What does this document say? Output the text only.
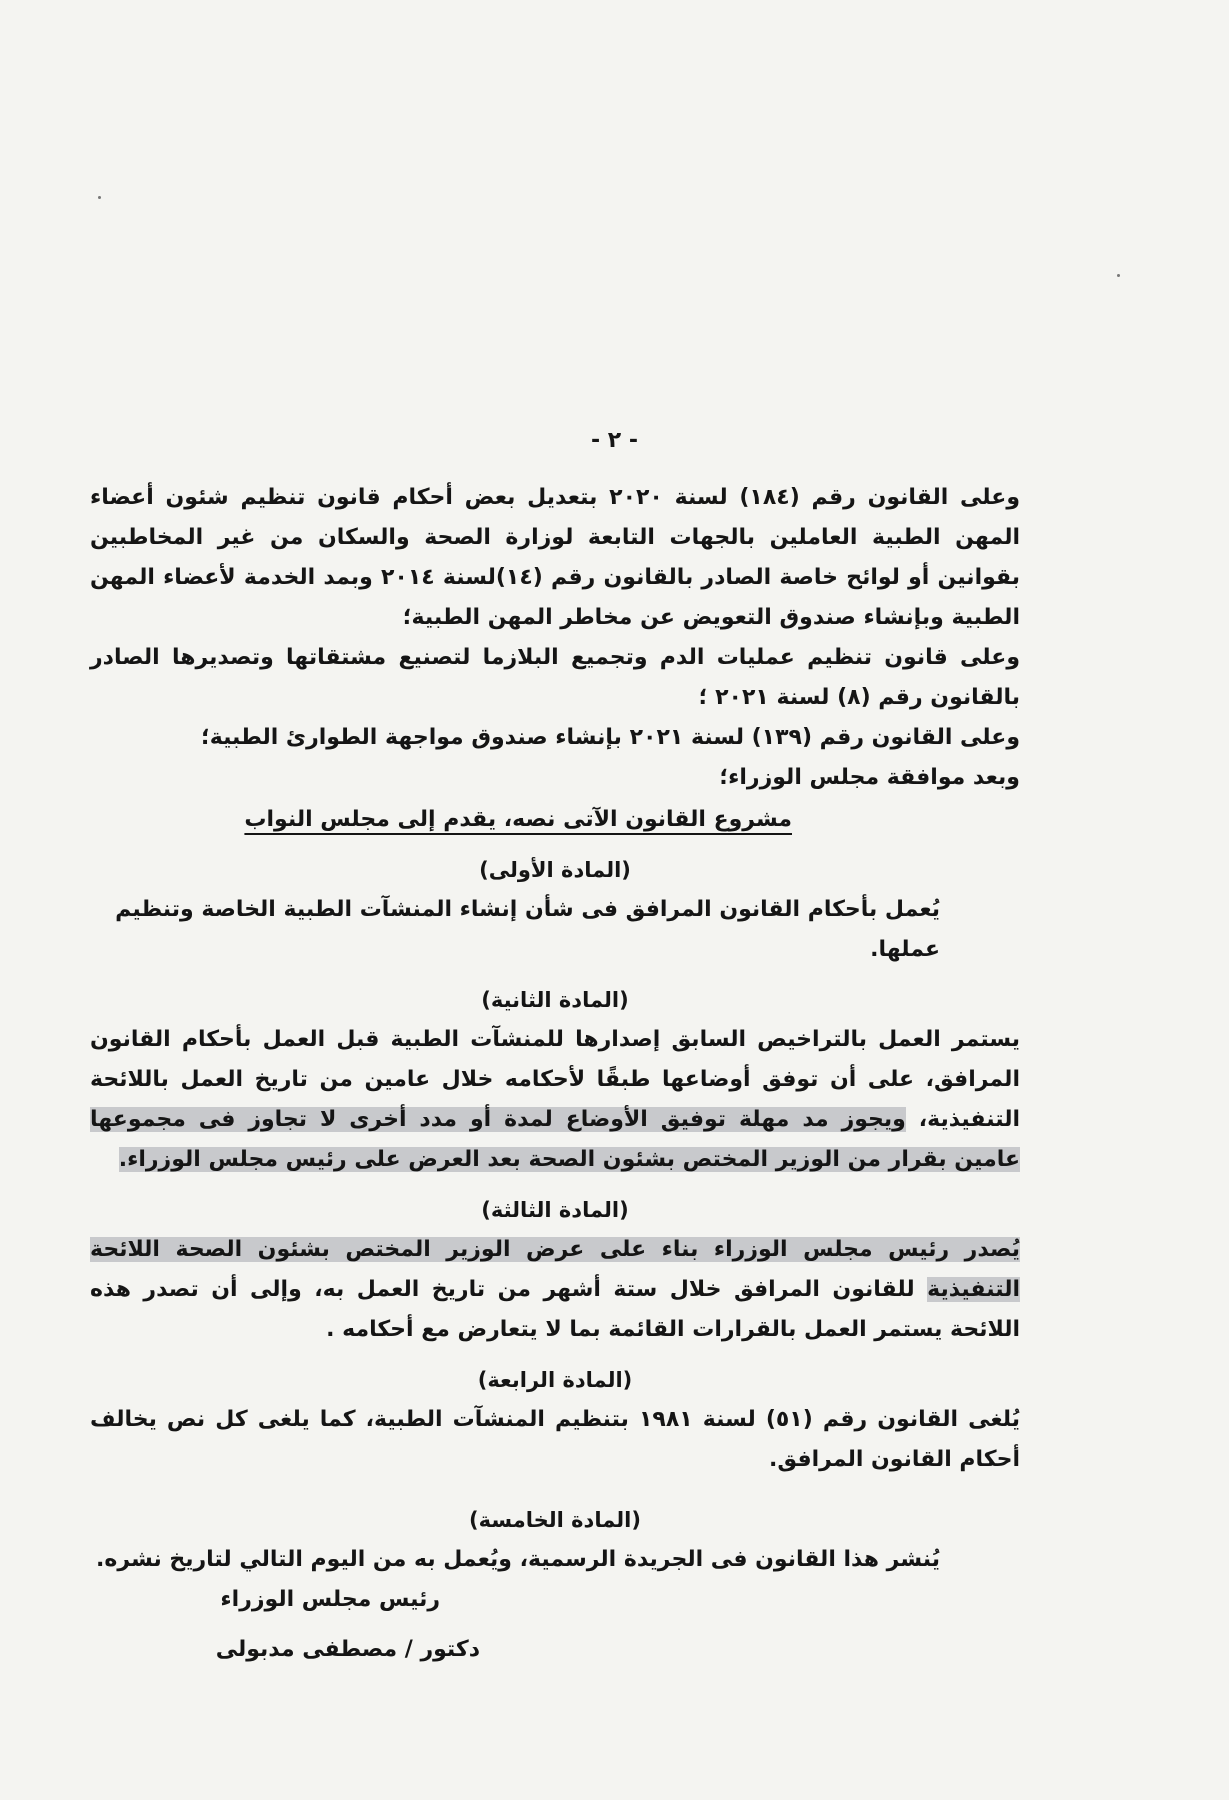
- ٢ -

وعلى القانون رقم (١٨٤) لسنة ٢٠٢٠ بتعديل بعض أحكام قانون تنظيم شئون أعضاء المهن الطبية العاملين بالجهات التابعة لوزارة الصحة والسكان من غير المخاطبين بقوانين أو لوائح خاصة الصادر بالقانون رقم (١٤)لسنة ٢٠١٤ وبمد الخدمة لأعضاء المهن الطبية وبإنشاء صندوق التعويض عن مخاطر المهن الطبية؛

وعلى قانون تنظيم عمليات الدم وتجميع البلازما لتصنيع مشتقاتها وتصديرها الصادر بالقانون رقم (٨) لسنة ٢٠٢١ ؛

وعلى القانون رقم (١٣٩) لسنة ٢٠٢١ بإنشاء صندوق مواجهة الطوارئ الطبية؛

وبعد موافقة مجلس الوزراء؛

مشروع القانون الآتى نصه، يقدم إلى مجلس النواب

(المادة الأولى)

يُعمل بأحكام القانون المرافق فى شأن إنشاء المنشآت الطبية الخاصة وتنظيم عملها.

(المادة الثانية)

يستمر العمل بالتراخيص السابق إصدارها للمنشآت الطبية قبل العمل بأحكام القانون المرافق، على أن توفق أوضاعها طبقًا لأحكامه خلال عامين من تاريخ العمل باللائحة التنفيذية، ويجوز مد مهلة توفيق الأوضاع لمدة أو مدد أخرى لا تجاوز فى مجموعها عامين بقرار من الوزير المختص بشئون الصحة بعد العرض على رئيس مجلس الوزراء.

(المادة الثالثة)

يُصدر رئيس مجلس الوزراء بناء على عرض الوزير المختص بشئون الصحة اللائحة التنفيذية للقانون المرافق خلال ستة أشهر من تاريخ العمل به، وإلى أن تصدر هذه اللائحة يستمر العمل بالقرارات القائمة بما لا يتعارض مع أحكامه .

(المادة الرابعة)

يُلغى القانون رقم (٥١) لسنة ١٩٨١ بتنظيم المنشآت الطبية، كما يلغى كل نص يخالف أحكام القانون المرافق.

(المادة الخامسة)

يُنشر هذا القانون فى الجريدة الرسمية، ويُعمل به من اليوم التالي لتاريخ نشره.

رئيس مجلس الوزراء

دكتور / مصطفى مدبولى
